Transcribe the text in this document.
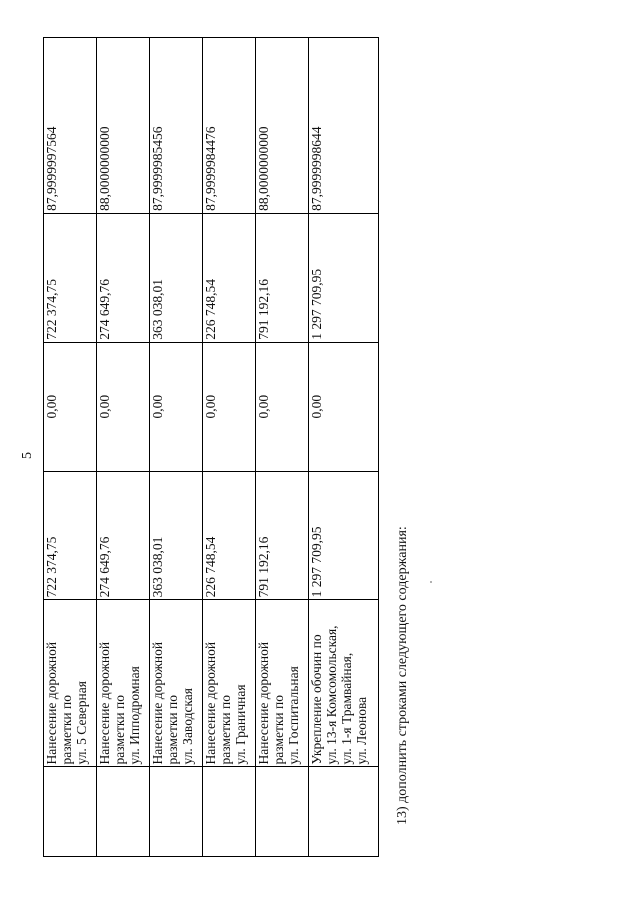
5
	Нанесение дорожной
разметки по
ул. 5 Северная	722 374,75	0,00	722 374,75	87,9999997564
	Нанесение дорожной
разметки по
ул. Ипподромная	274 649,76	0,00	274 649,76	88,0000000000
	Нанесение дорожной
разметки по
ул. Заводская	363 038,01	0,00	363 038,01	87,9999985456
	Нанесение дорожной
разметки по
ул. Граничная	226 748,54	0,00	226 748,54	87,9999984476
	Нанесение дорожной
разметки по
ул. Госпитальная	791 192,16	0,00	791 192,16	88,0000000000
	Укрепление обочин по
ул. 13-я Комсомольская,
ул. 1-я Трамвайная,
ул. Леонова	1 297 709,95	0,00	1 297 709,95	87,9999998644
13) дополнить строками следующего содержания:
